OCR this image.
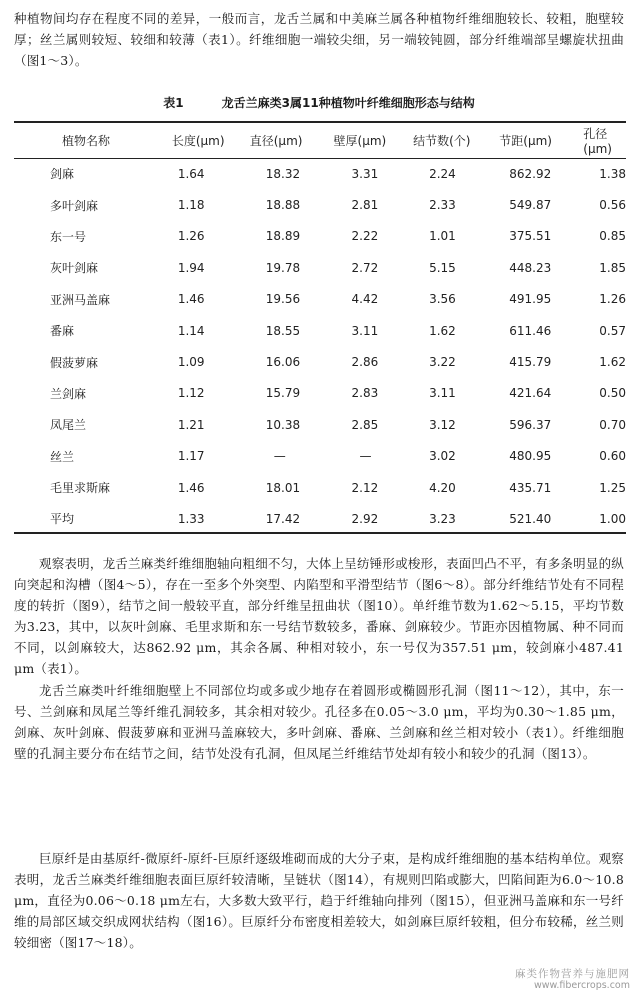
种植物间均存在程度不同的差异，一般而言，龙舌兰属和中美麻兰属各种植物纤维细胞较长、较粗，胞壁较厚；丝兰属则较短、较细和较薄（表1）。纤维细胞一端较尖细，另一端较钝圆，部分纤维端部呈螺旋状扭曲（图1～3）。

表1	龙舌兰麻类3属11种植物叶纤维细胞形态与结构
植物名称	长度(μm)	直径(μm)	壁厚(μm)	结节数(个)	节距(μm)	孔径(μm)
剑麻	1.64	18.32	3.31	2.24	862.92	1.38
多叶剑麻	1.18	18.88	2.81	2.33	549.87	0.56
东一号	1.26	18.89	2.22	1.01	375.51	0.85
灰叶剑麻	1.94	19.78	2.72	5.15	448.23	1.85
亚洲马盖麻	1.46	19.56	4.42	3.56	491.95	1.26
番麻	1.14	18.55	3.11	1.62	611.46	0.57
假菠萝麻	1.09	16.06	2.86	3.22	415.79	1.62
兰剑麻	1.12	15.79	2.83	3.11	421.64	0.50
凤尾兰	1.21	10.38	2.85	3.12	596.37	0.70
丝兰	1.17	—	—	3.02	480.95	0.60
毛里求斯麻	1.46	18.01	2.12	4.20	435.71	1.25
平均	1.33	17.42	2.92	3.23	521.40	1.00

观察表明，龙舌兰麻类纤维细胞轴向粗细不匀，大体上呈纺锤形或梭形，表面凹凸不平，有多条明显的纵向突起和沟槽（图4～5），存在一至多个外突型、内陷型和平滑型结节（图6～8）。部分纤维结节处有不同程度的转折（图9），结节之间一般较平直，部分纤维呈扭曲状（图10）。单纤维节数为1.62～5.15，平均节数为3.23，其中，以灰叶剑麻、毛里求斯和东一号结节数较多，番麻、剑麻较少。节距亦因植物属、种不同而不同，以剑麻较大，达862.92 μm，其余各属、种相对较小，东一号仅为357.51 μm，较剑麻小487.41 μm（表1）。

龙舌兰麻类叶纤维细胞壁上不同部位均或多或少地存在着圆形或椭圆形孔洞（图11～12），其中，东一号、兰剑麻和凤尾兰等纤维孔洞较多，其余相对较少。孔径多在0.05～3.0 μm，平均为0.30～1.85 μm，剑麻、灰叶剑麻、假菠萝麻和亚洲马盖麻较大，多叶剑麻、番麻、兰剑麻和丝兰相对较小（表1）。纤维细胞壁的孔洞主要分布在结节之间，结节处没有孔洞，但凤尾兰纤维结节处却有较小和较少的孔洞（图13）。

巨原纤是由基原纤-微原纤-原纤-巨原纤逐级堆砌而成的大分子束，是构成纤维细胞的基本结构单位。观察表明，龙舌兰麻类纤维细胞表面巨原纤较清晰，呈链状（图14），有规则凹陷或膨大，凹陷间距为6.0～10.8 μm，直径为0.06～0.18 μm左右，大多数大致平行，趋于纤维轴向排列（图15），但亚洲马盖麻和东一号纤维的局部区域交织成网状结构（图16）。巨原纤分布密度相差较大，如剑麻巨原纤较粗，但分布较稀，丝兰则较细密（图17～18）。

麻类作物营养与施肥网
www.fibercrops.com
